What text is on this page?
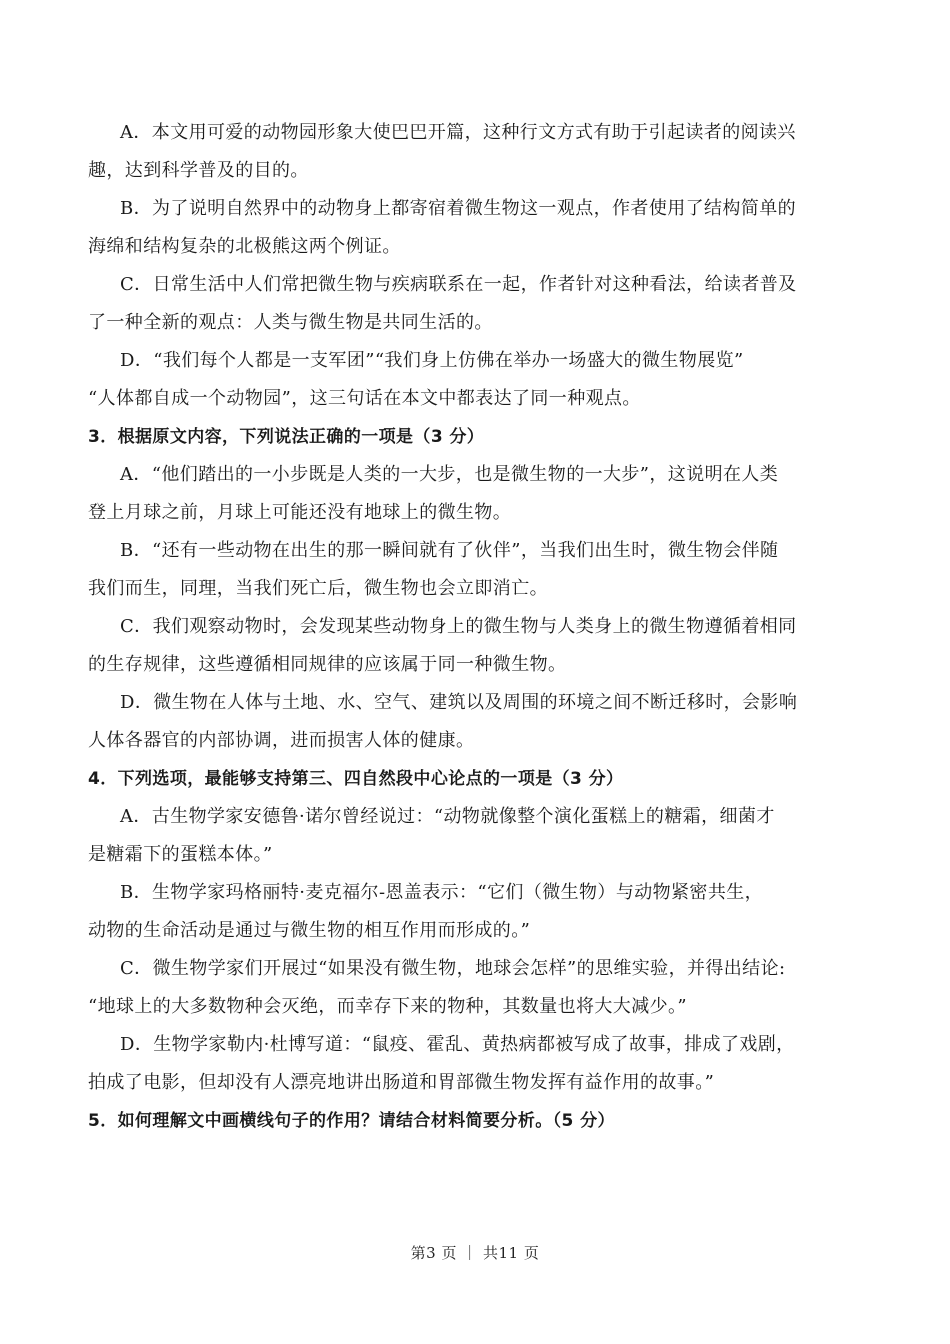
A．本文用可爱的动物园形象大使巴巴开篇，这种行文方式有助于引起读者的阅读兴
趣，达到科学普及的目的。
B．为了说明自然界中的动物身上都寄宿着微生物这一观点，作者使用了结构简单的
海绵和结构复杂的北极熊这两个例证。
C．日常生活中人们常把微生物与疾病联系在一起，作者针对这种看法，给读者普及
了一种全新的观点：人类与微生物是共同生活的。
D．“我们每个人都是一支军团”“我们身上仿佛在举办一场盛大的微生物展览”
“人体都自成一个动物园”，这三句话在本文中都表达了同一种观点。
3．根据原文内容，下列说法正确的一项是（3 分）
A．“他们踏出的一小步既是人类的一大步，也是微生物的一大步”，这说明在人类
登上月球之前，月球上可能还没有地球上的微生物。
B．“还有一些动物在出生的那一瞬间就有了伙伴”，当我们出生时，微生物会伴随
我们而生，同理，当我们死亡后，微生物也会立即消亡。
C．我们观察动物时，会发现某些动物身上的微生物与人类身上的微生物遵循着相同
的生存规律，这些遵循相同规律的应该属于同一种微生物。
D．微生物在人体与土地、水、空气、建筑以及周围的环境之间不断迁移时，会影响
人体各器官的内部协调，进而损害人体的健康。
4．下列选项，最能够支持第三、四自然段中心论点的一项是（3 分）
A．古生物学家安德鲁·诺尔曾经说过：“动物就像整个演化蛋糕上的糖霜，细菌才
是糖霜下的蛋糕本体。”
B．生物学家玛格丽特·麦克福尔-恩盖表示：“它们（微生物）与动物紧密共生，
动物的生命活动是通过与微生物的相互作用而形成的。”
C．微生物学家们开展过“如果没有微生物，地球会怎样”的思维实验，并得出结论:
“地球上的大多数物种会灭绝，而幸存下来的物种，其数量也将大大减少。”
D．生物学家勒内·杜博写道：“鼠疫、霍乱、黄热病都被写成了故事，排成了戏剧，
拍成了电影，但却没有人漂亮地讲出肠道和胃部微生物发挥有益作用的故事。”
5．如何理解文中画横线句子的作用？请结合材料简要分析。（5 分）
第3 页 ｜ 共11 页
